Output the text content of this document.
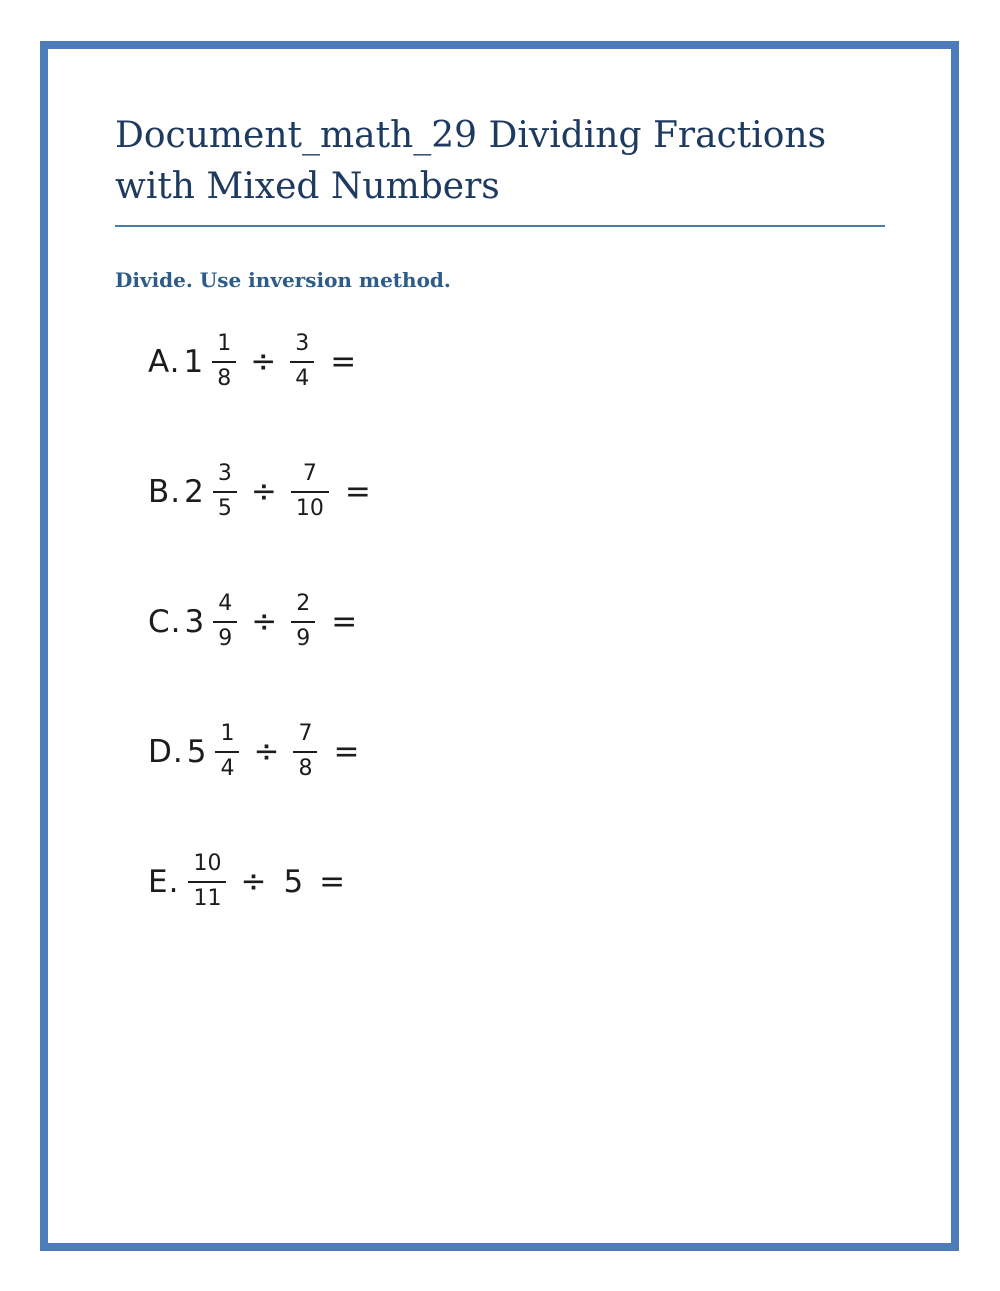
Document_math_29 Dividing Fractions
with Mixed Numbers

Divide. Use inversion method.

A. $1 \frac{1}{8} \div \frac{3}{4}$ =
B. $2 \frac{3}{5} \div \frac{7}{10}$ =
C. $3 \frac{4}{9} \div \frac{2}{9}$ =
D. $5 \frac{1}{4} \div \frac{7}{8}$ =
E. $\frac{10}{11} \div 5$ =
